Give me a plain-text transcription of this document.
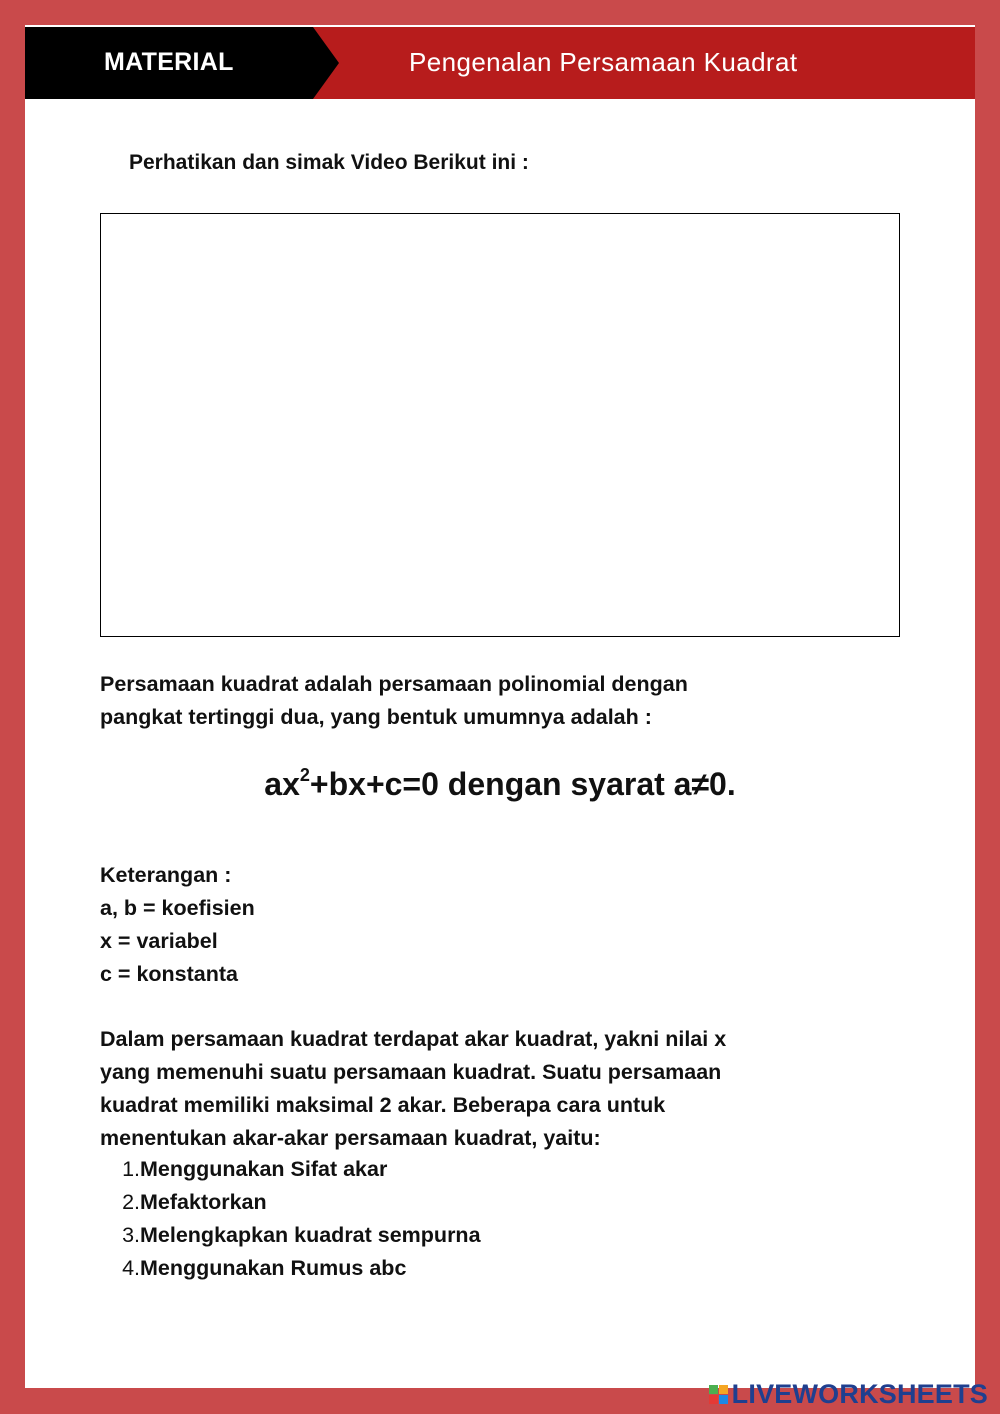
MATERIAL	Pengenalan Persamaan Kuadrat
Perhatikan dan simak Video Berikut ini :
Persamaan kuadrat adalah persamaan polinomial dengan
pangkat tertinggi dua, yang bentuk umumnya adalah :
$ax^2+bx+c=0$ dengan syarat a≠0.
Keterangan :
a, b = koefisien
x = variabel
c = konstanta
Dalam persamaan kuadrat terdapat akar kuadrat, yakni nilai x
yang memenuhi suatu persamaan kuadrat. Suatu persamaan
kuadrat memiliki maksimal 2 akar. Beberapa cara untuk
menentukan akar-akar persamaan kuadrat, yaitu:
1. Menggunakan Sifat akar
2. Mefaktorkan
3. Melengkapkan kuadrat sempurna
4. Menggunakan Rumus abc
LIVEWORKSHEETS
